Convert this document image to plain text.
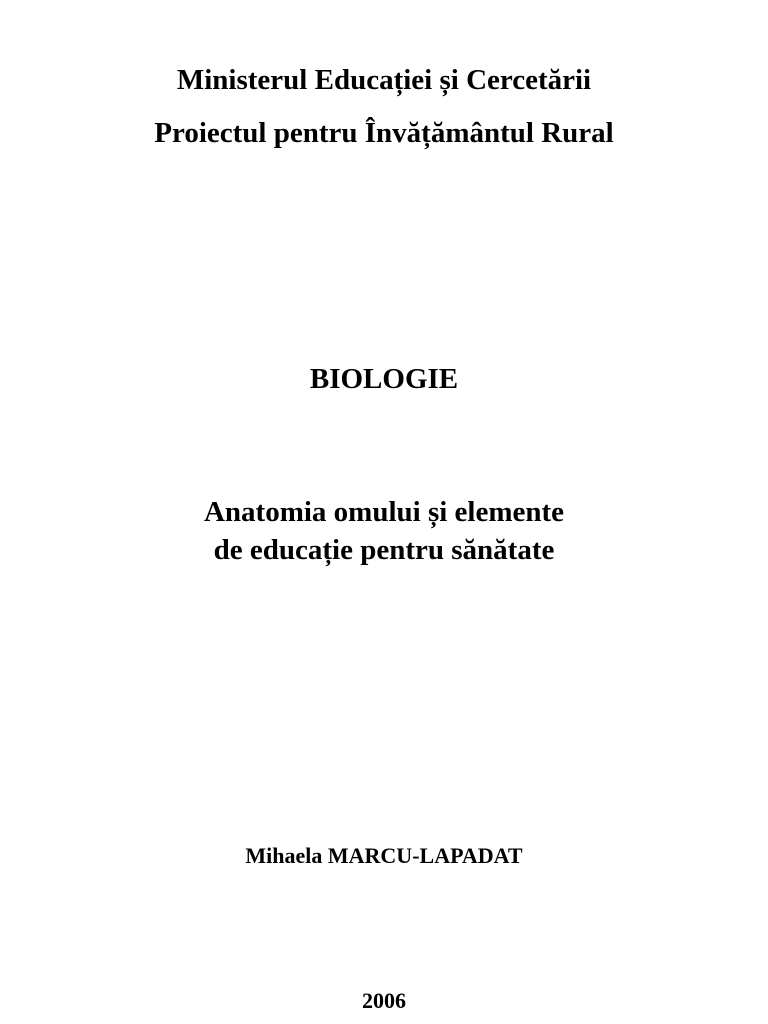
Ministerul Educației și Cercetării
Proiectul pentru Învățământul Rural
BIOLOGIE
Anatomia omului și elemente
de educație pentru sănătate
Mihaela MARCU-LAPADAT
2006
